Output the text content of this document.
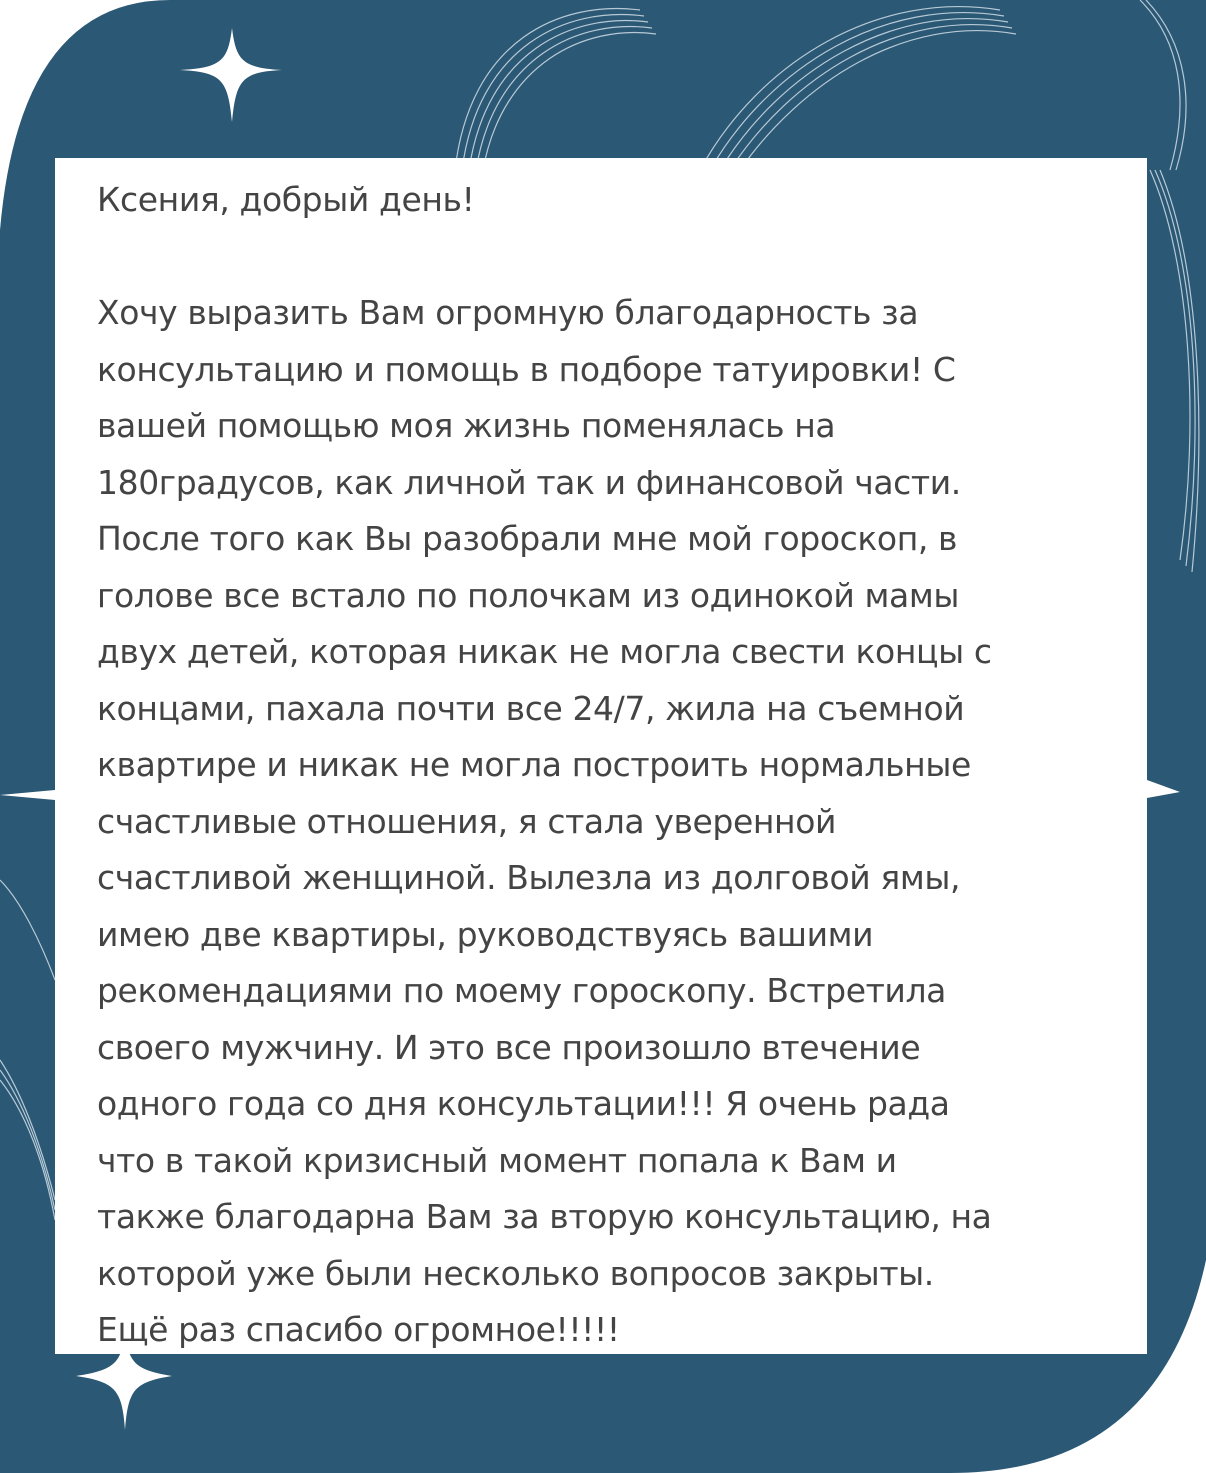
Ксения, добрый день!

Хочу выразить Вам огромную благодарность за

консультацию и помощь в подборе татуировки! С

вашей помощью моя жизнь поменялась на

180градусов, как личной так и финансовой части.

После того как Вы разобрали мне мой гороскоп, в

голове все встало по полочкам из одинокой мамы

двух детей, которая никак не могла свести концы с

концами, пахала почти все 24/7, жила на съемной

квартире и никак не могла построить нормальные

счастливые отношения, я стала уверенной

счастливой женщиной. Вылезла из долговой ямы,

имею две квартиры, руководствуясь вашими

рекомендациями по моему гороскопу. Встретила

своего мужчину. И это все произошло втечение

одного года со дня консультации!!! Я очень рада

что в такой кризисный момент попала к Вам и

также благодарна Вам за вторую консультацию, на

которой уже были несколько вопросов закрыты.

Ещё раз спасибо огромное!!!!!
